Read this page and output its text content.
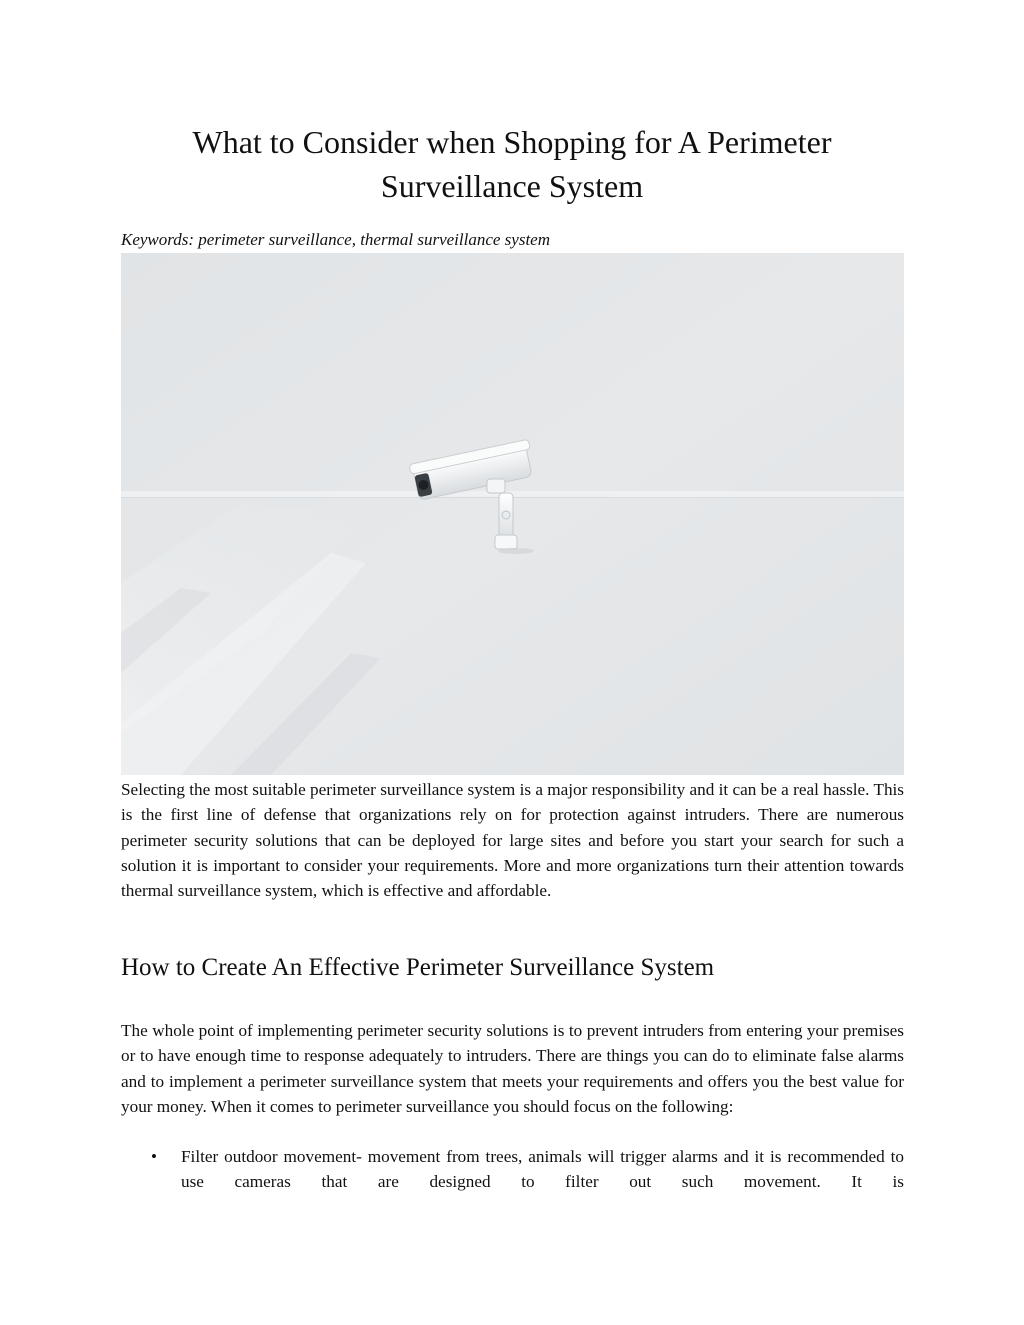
What to Consider when Shopping for A Perimeter
Surveillance System

Keywords: perimeter surveillance, thermal surveillance system

Selecting the most suitable perimeter surveillance system is a major responsibility and it can be a real hassle. This is the first line of defense that organizations rely on for protection against intruders. There are numerous perimeter security solutions that can be deployed for large sites and before you start your search for such a solution it is important to consider your requirements. More and more organizations turn their attention towards thermal surveillance system, which is effective and affordable.

How to Create An Effective Perimeter Surveillance System

The whole point of implementing perimeter security solutions is to prevent intruders from entering your premises or to have enough time to response adequately to intruders. There are things you can do to eliminate false alarms and to implement a perimeter surveillance system that meets your requirements and offers you the best value for your money. When it comes to perimeter surveillance you should focus on the following:

• Filter outdoor movement- movement from trees, animals will trigger alarms and it is recommended to use cameras that are designed to filter out such movement. It is
